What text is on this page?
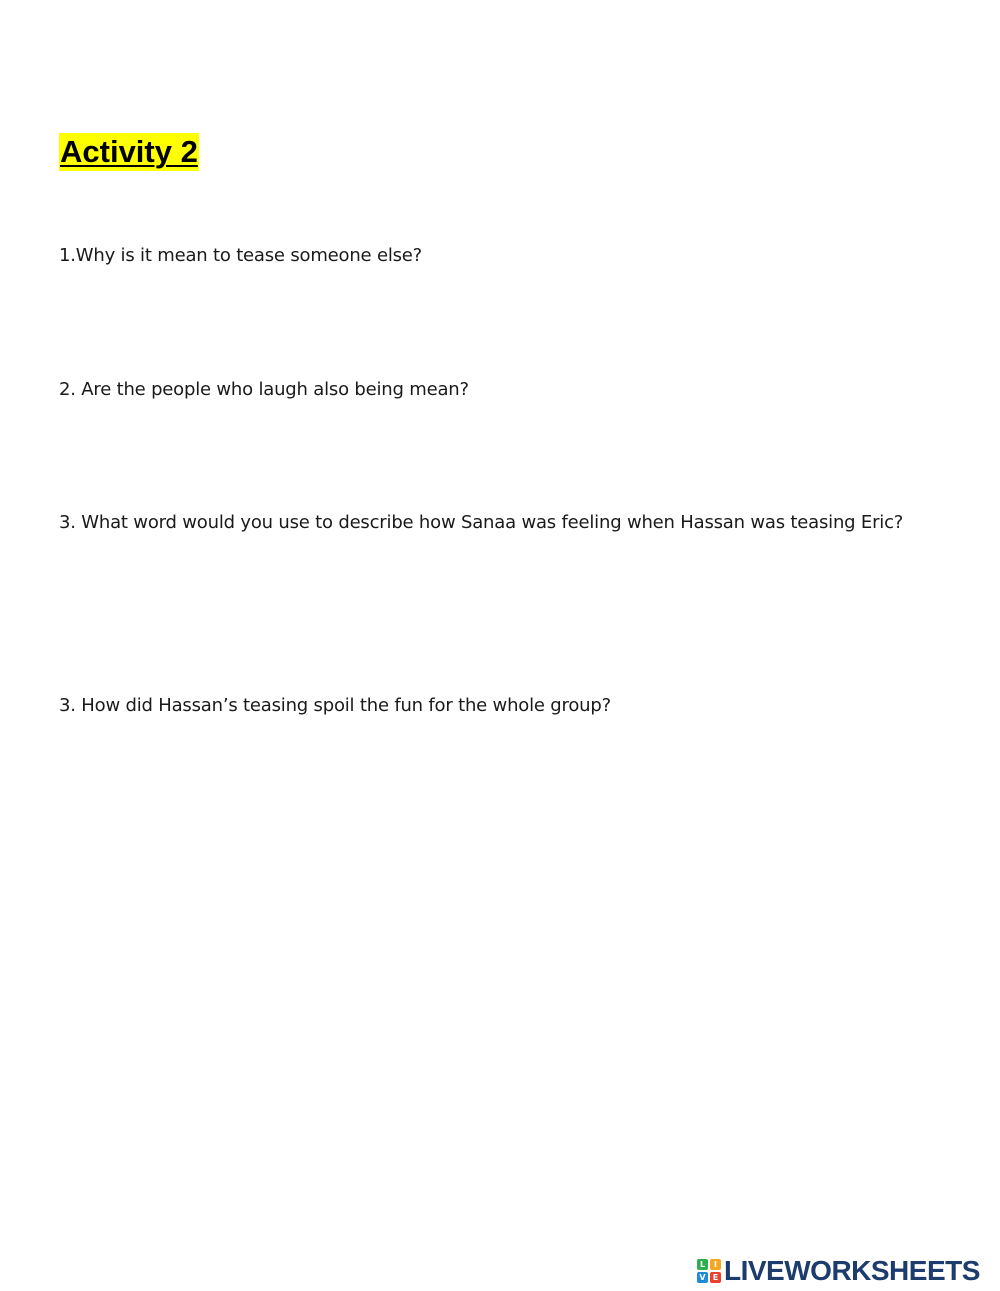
Activity 2

1.Why is it mean to tease someone else?

2. Are the people who laugh also being mean?

3. What word would you use to describe how Sanaa was feeling when Hassan was teasing Eric?

3. How did Hassan’s teasing spoil the fun for the whole group?

L	I
V E LIVEWORKSHEETS
